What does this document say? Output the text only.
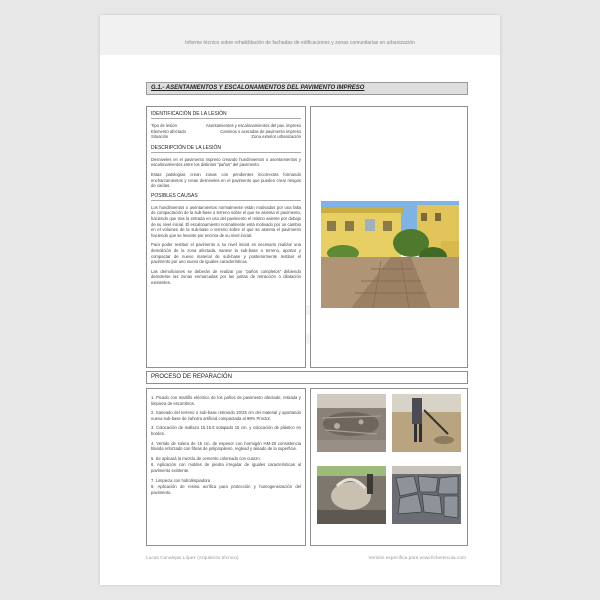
Informe técnico sobre rehabilitación de fachadas de edificaciones y zonas comunitarias en urbanización
G.1.- ASENTAMIENTOS Y ESCALONAMIENTOS DEL PAVIMENTO IMPRESO
IDENTIFICACIÓN DE LA LESIÓN
Tipo de lesión	Asentamientos y escalonamientos del pav. impreso
Elemento afectado	Caminos o aceradas de pavimento impreso
Situación	Zona exterior urbanización
DESCRIPCIÓN DE LA LESIÓN

Desniveles en el pavimento impreso creando hundimientos o asentamientos y escalonamientos entre los distintos “paños” del pavimento.

Estas patologías crean zonas con pendientes incorrectas formando encharcamientos y crean desniveles en el pavimento que pueden crear riesgos de caídas.

POSIBLES CAUSAS

Los hundimientos o asentamientos normalmente están motivados por una falta de compactación de la sub-base o terreno sobre el que se asienta el pavimento, haciendo que tras la entrada en uso del pavimento el mismo asiente por debajo de su nivel inicial. El escalonamiento normalmente está motivado por un cambio en el volumen de la sub-base o terreno sobre el que se asienta el pavimento haciendo que se levante por encima de su nivel inicial.

Para poder restituir el pavimento a su nivel inicial es necesario realizar una demolición de la zona afectada, sanear la sub-base o terreno, aportar y compactar de nuevo material de sub-base y posteriormente restituir el pavimento por uno nuevo de iguales características.

Las demoliciones se deberán de realizar por “paños completos” debiendo demolerse las zonas enmarcadas por las juntas de retracción o dilatación existentes.

PROCESO DE REPARACIÓN

1. Picado con martillo eléctrico de los paños de pavimento afectado, retirada y limpieza de escombros.

2. Saneado del terreno o sub-base retirando 20/25 cm del material y aportando nueva sub-base de zahorra artificial compactada al 98% Proctor.

3. Colocación de mallazo 15.15.6 solapado 15 cm. y colocación de plástico en bordes.

4. Vertido de solera de 15 cm. de espesor con hormigón HM-20 consistencia blanda reforzado con fibras de polipropileno, reglead y alisado de la superficie.

5. Se aplicará la mezcla de cemento coloreado con cuarzo.

6. Aplicación con moldes de piedra irregular de iguales características al pavimento existente.

7. Limpieza con hidrolimpiadora

8. Aplicación de resina acrílica para protección y homogeneización del pavimento.

Lucas Canalejas López (Arquitecto técnico)	Versión específica para www.fichertecnia.com
